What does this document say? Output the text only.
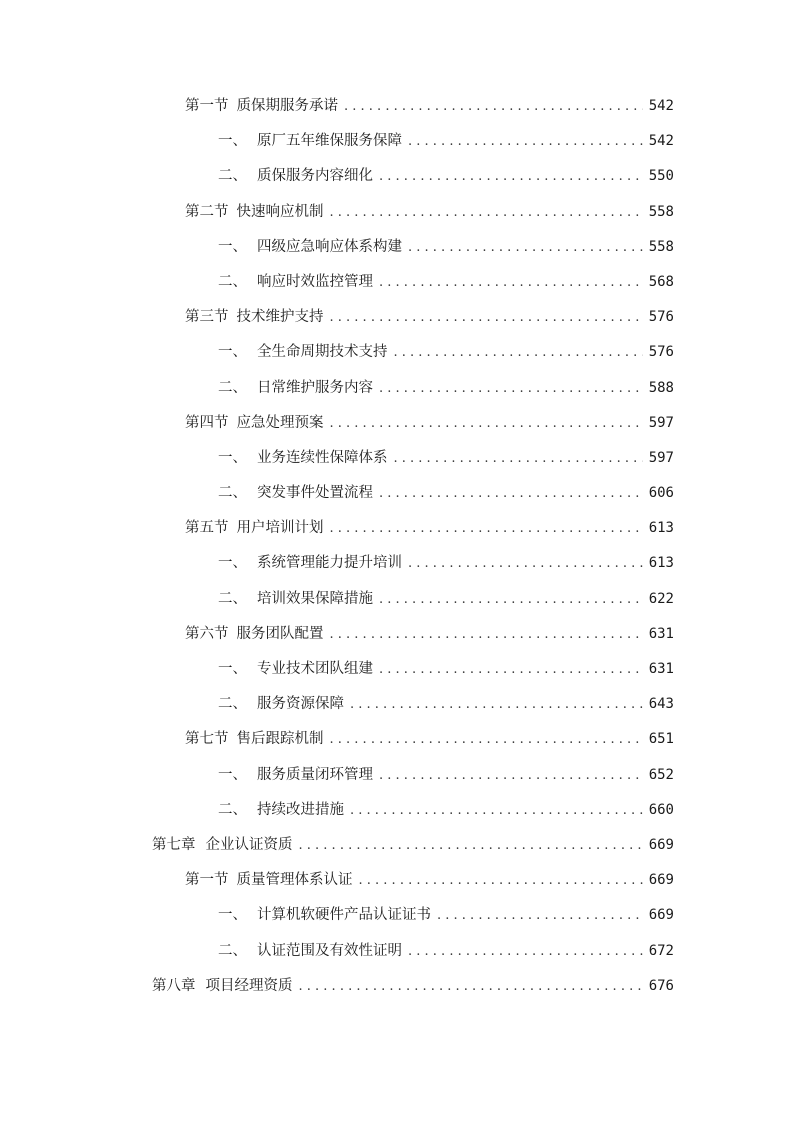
第一节 质保期服务承诺 . . .	542
一、 原厂五年维保服务保障 . . .	542
二、 质保服务内容细化 . . .	550
第二节 快速响应机制 . . .	558
一、 四级应急响应体系构建 . . .	558
二、 响应时效监控管理 . . .	568
第三节 技术维护支持 . . .	576
一、 全生命周期技术支持 . . .	576
二、 日常维护服务内容 . . .	588
第四节 应急处理预案 . . .	597
一、 业务连续性保障体系 . . .	597
二、 突发事件处置流程 . . .	606
第五节 用户培训计划 . . .	613
一、 系统管理能力提升培训 . . .	613
二、 培训效果保障措施 . . .	622
第六节 服务团队配置 . . .	631
一、 专业技术团队组建 . . .	631
二、 服务资源保障 . . .	643
第七节 售后跟踪机制 . . .	651
一、 服务质量闭环管理 . . .	652
二、 持续改进措施 . . .	660
第七章 企业认证资质 . . .	669
第一节 质量管理体系认证 . . .	669
一、 计算机软硬件产品认证证书 . . .	669
二、 认证范围及有效性证明 . . .	672
第八章 项目经理资质 . . .	676
